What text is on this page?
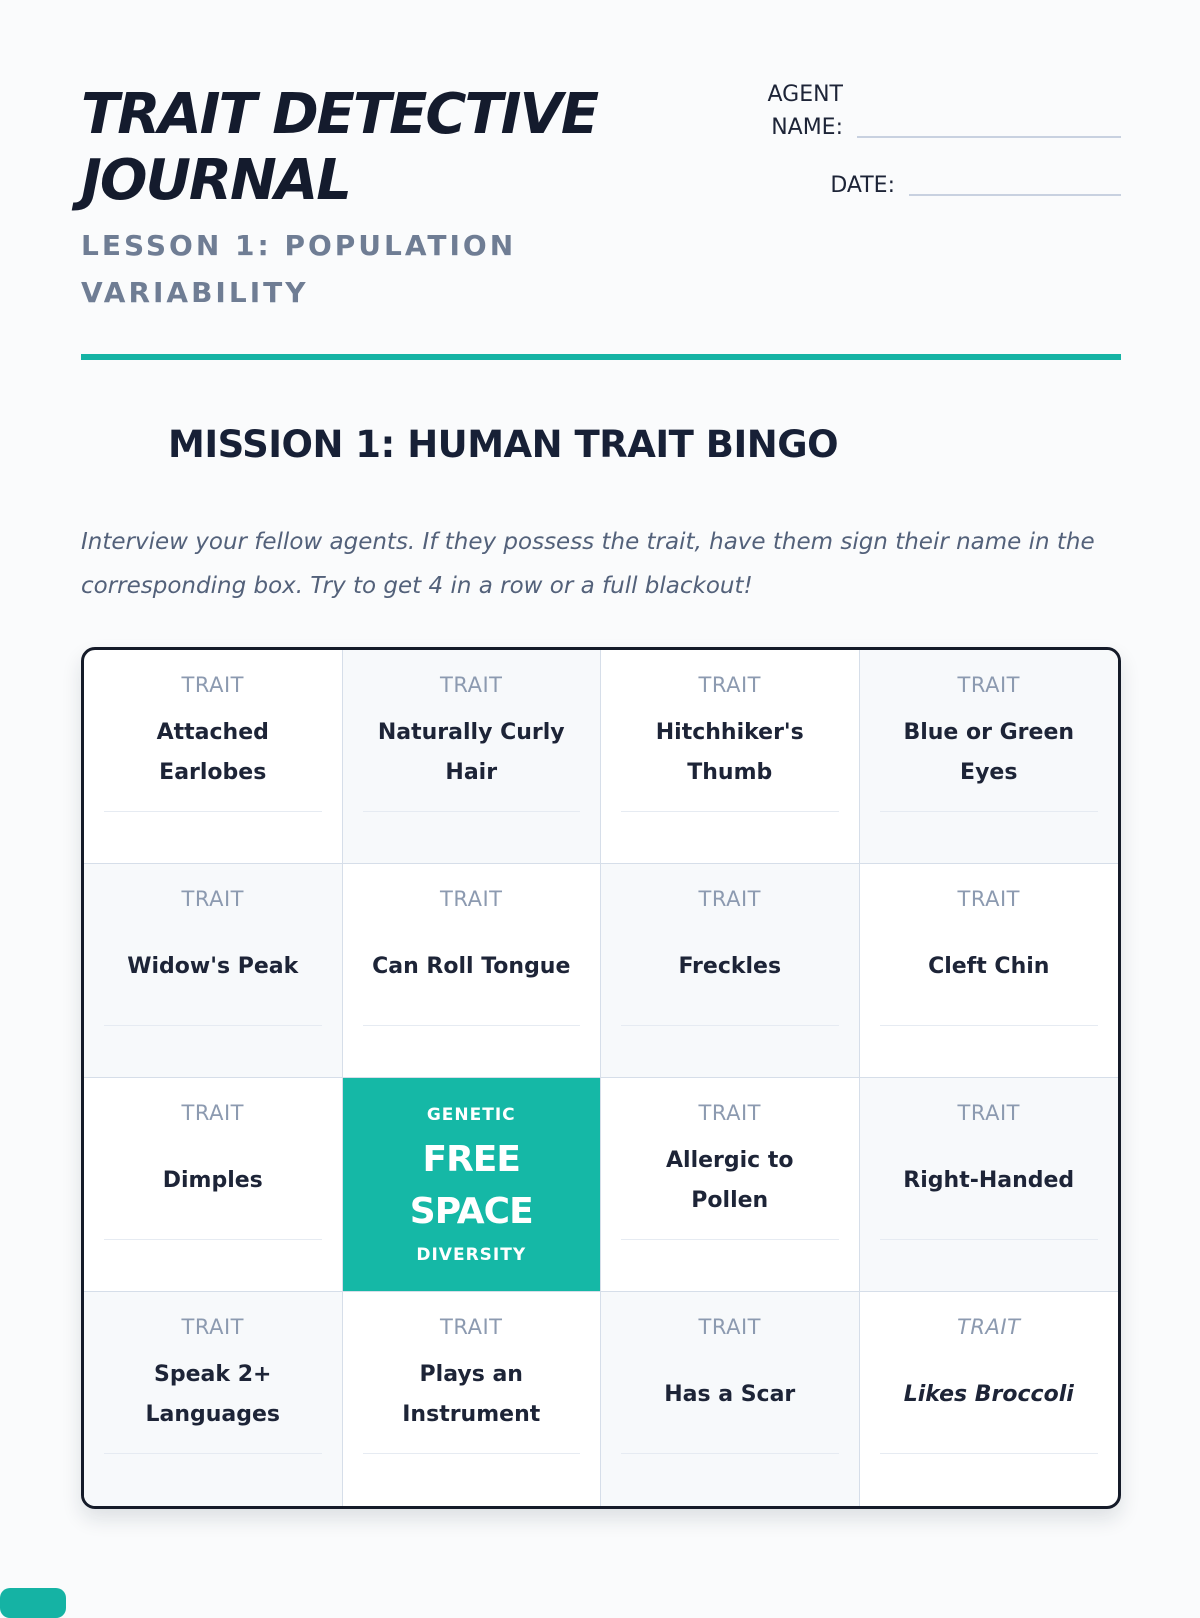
TRAIT DETECTIVE JOURNAL
LESSON 1: POPULATION VARIABILITY
AGENT
NAME:
DATE:
MISSION 1: HUMAN TRAIT BINGO

Interview your fellow agents. If they possess the trait, have them sign their name in the corresponding box. Try to get 4 in a row or a full blackout!

TRAIT
Attached Earlobes
TRAIT
Naturally Curly Hair
TRAIT
Hitchhiker's Thumb
TRAIT
Blue or Green Eyes
TRAIT
Widow's Peak
TRAIT
Can Roll Tongue
TRAIT
Freckles
TRAIT
Cleft Chin
TRAIT
Dimples
GENETIC
FREE
SPACE
DIVERSITY
TRAIT
Allergic to Pollen
TRAIT
Right-Handed
TRAIT
Speak 2+ Languages
TRAIT
Plays an Instrument
TRAIT
Has a Scar
TRAIT
Likes Broccoli
